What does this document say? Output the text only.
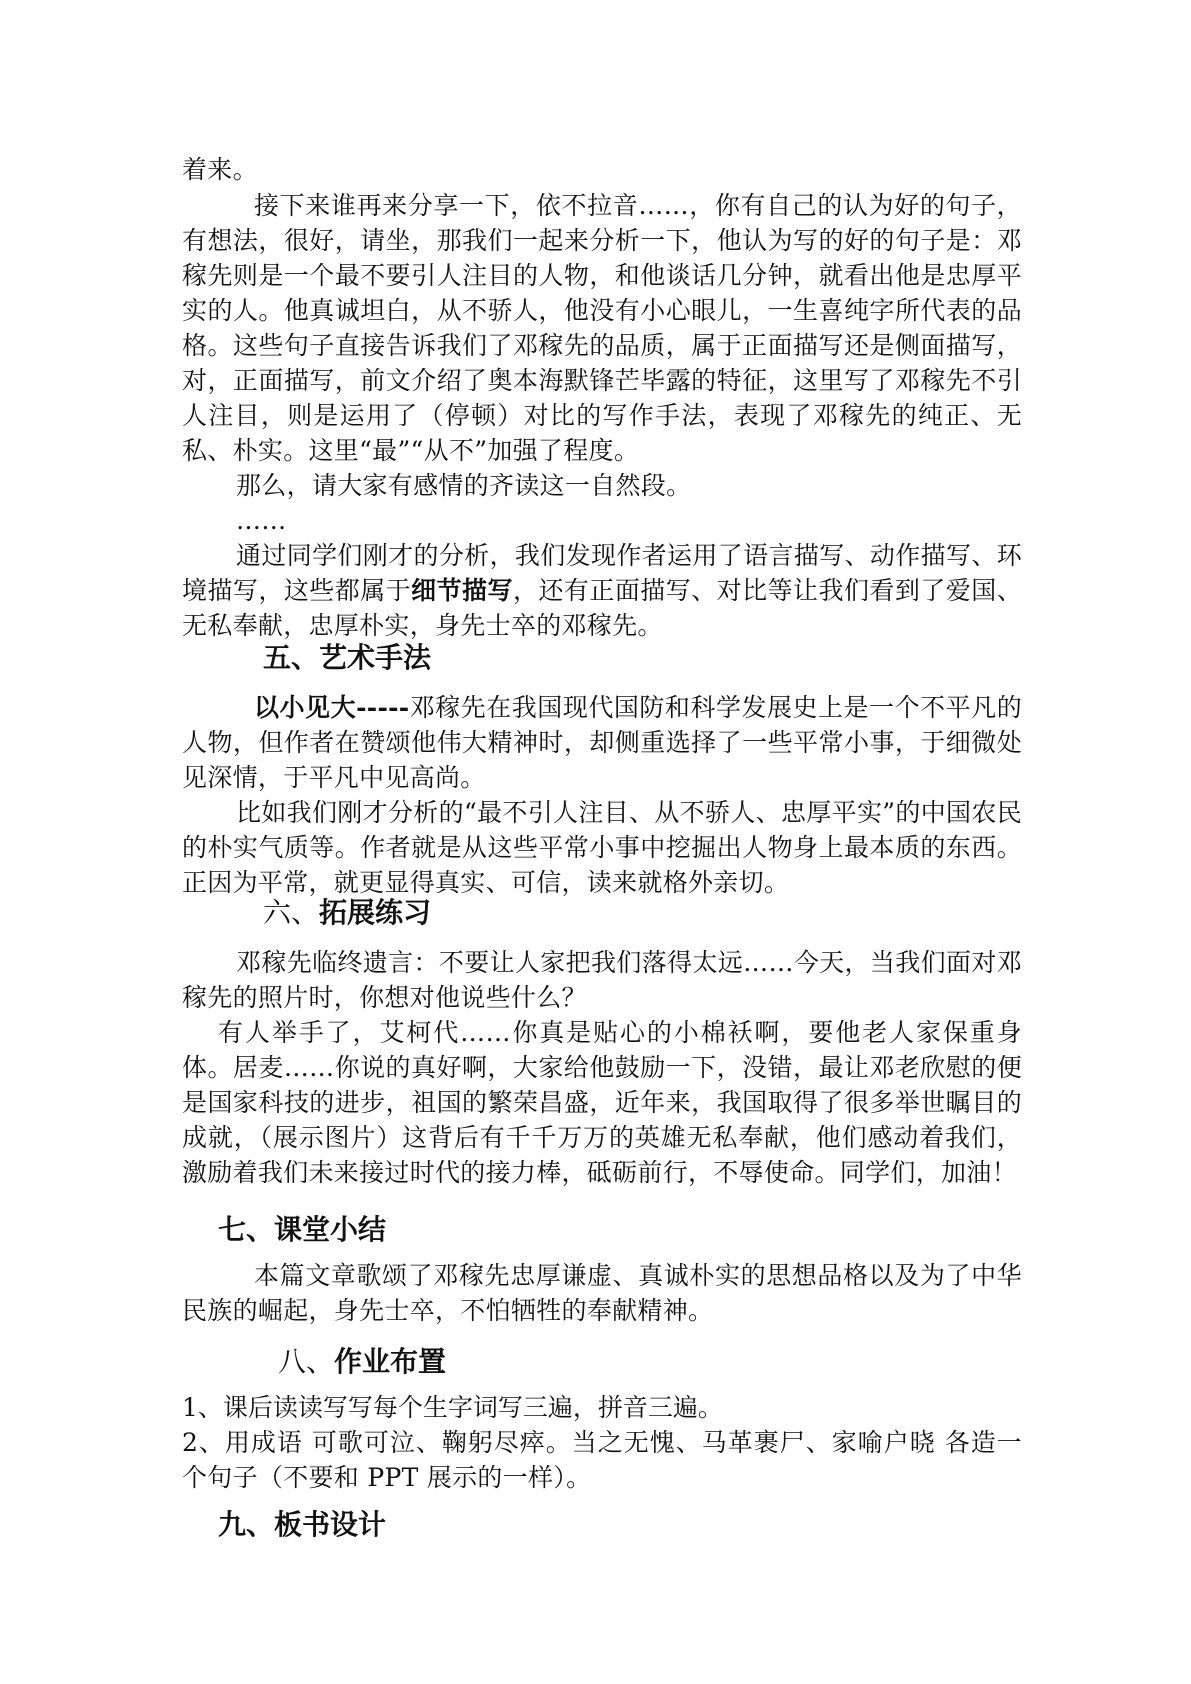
着来。

接下来谁再来分享一下，依不拉音……，你有自己的认为好的句子，有想法，很好，请坐，那我们一起来分析一下，他认为写的好的句子是：邓稼先则是一个最不要引人注目的人物，和他谈话几分钟，就看出他是忠厚平实的人。他真诚坦白，从不骄人，他没有小心眼儿，一生喜纯字所代表的品格。这些句子直接告诉我们了邓稼先的品质，属于正面描写还是侧面描写，对，正面描写，前文介绍了奥本海默锋芒毕露的特征，这里写了邓稼先不引人注目，则是运用了（停顿）对比的写作手法，表现了邓稼先的纯正、无私、朴实。这里“最”“从不”加强了程度。

那么，请大家有感情的齐读这一自然段。

……

通过同学们刚才的分析，我们发现作者运用了语言描写、动作描写、环境描写，这些都属于细节描写，还有正面描写、对比等让我们看到了爱国、无私奉献，忠厚朴实，身先士卒的邓稼先。

五、艺术手法

以小见大-----邓稼先在我国现代国防和科学发展史上是一个不平凡的人物，但作者在赞颂他伟大精神时，却侧重选择了一些平常小事，于细微处见深情，于平凡中见高尚。

比如我们刚才分析的“最不引人注目、从不骄人、忠厚平实”的中国农民的朴实气质等。作者就是从这些平常小事中挖掘出人物身上最本质的东西。正因为平常，就更显得真实、可信，读来就格外亲切。

六、拓展练习

邓稼先临终遗言：不要让人家把我们落得太远……今天，当我们面对邓稼先的照片时，你想对他说些什么？

有人举手了，艾柯代……你真是贴心的小棉袄啊，要他老人家保重身体。居麦……你说的真好啊，大家给他鼓励一下，没错，最让邓老欣慰的便是国家科技的进步，祖国的繁荣昌盛，近年来，我国取得了很多举世瞩目的成就，（展示图片）这背后有千千万万的英雄无私奉献，他们感动着我们，激励着我们未来接过时代的接力棒，砥砺前行，不辱使命。同学们，加油！

七、课堂小结

本篇文章歌颂了邓稼先忠厚谦虚、真诚朴实的思想品格以及为了中华民族的崛起，身先士卒，不怕牺牲的奉献精神。

八、作业布置

1、课后读读写写每个生字词写三遍，拼音三遍。

2、用成语 可歌可泣、鞠躬尽瘁。当之无愧、马革裹尸、家喻户晓 各造一个句子（不要和 PPT 展示的一样）。

九、板书设计
